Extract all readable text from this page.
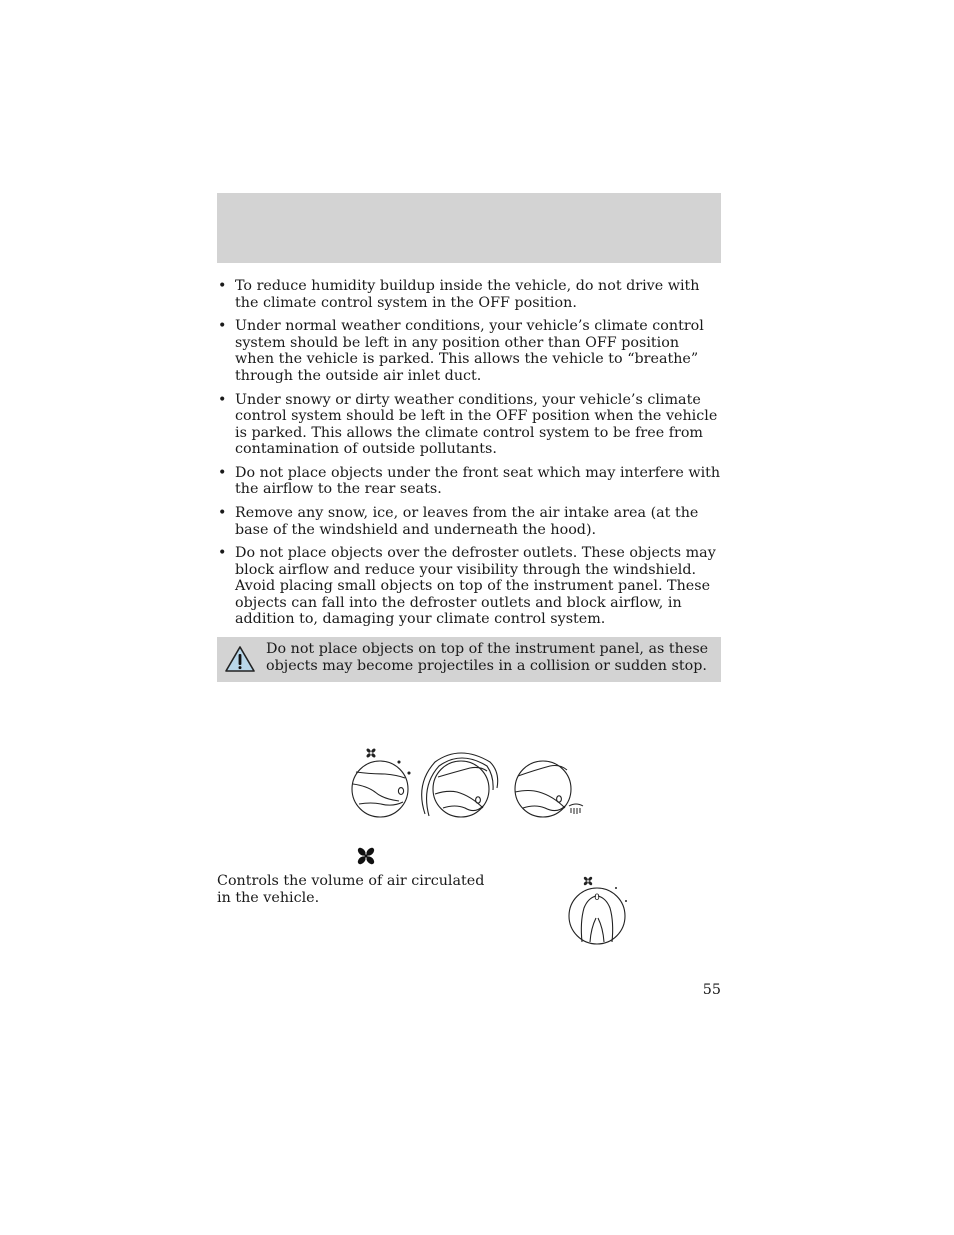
• To reduce humidity buildup inside the vehicle, do not drive with the climate control system in the OFF position.
• Under normal weather conditions, your vehicle’s climate control system should be left in any position other than OFF position when the vehicle is parked. This allows the vehicle to “breathe” through the outside air inlet duct.
• Under snowy or dirty weather conditions, your vehicle’s climate control system should be left in the OFF position when the vehicle is parked. This allows the climate control system to be free from contamination of outside pollutants.
• Do not place objects under the front seat which may interfere with the airflow to the rear seats.
• Remove any snow, ice, or leaves from the air intake area (at the base of the windshield and underneath the hood).
• Do not place objects over the defroster outlets. These objects may block airflow and reduce your visibility through the windshield. Avoid placing small objects on top of the instrument panel. These objects can fall into the defroster outlets and block airflow, in addition to, damaging your climate control system.
Do not place objects on top of the instrument panel, as these objects may become projectiles in a collision or sudden stop.
Controls the volume of air circulated in the vehicle.	0
55
